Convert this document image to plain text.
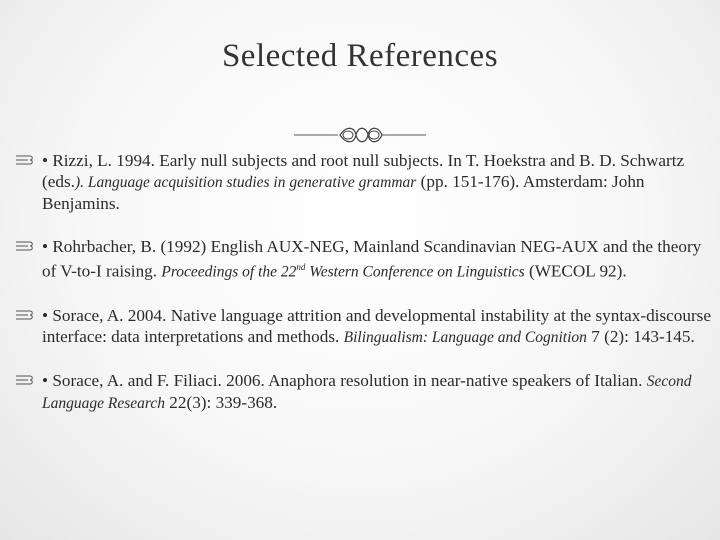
Selected References
• Rizzi, L. 1994. Early null subjects and root null subjects. In T. Hoekstra and B. D. Schwartz (eds.). Language acquisition studies in generative grammar (pp. 151-176). Amsterdam: John Benjamins.
• Rohrbacher, B. (1992) English AUX-NEG, Mainland Scandinavian NEG-AUX and the theory of V-to-I raising. Proceedings of the 22nd Western Conference on Linguistics (WECOL 92).
• Sorace, A. 2004. Native language attrition and developmental instability at the syntax-discourse interface: data interpretations and methods. Bilingualism: Language and Cognition 7 (2): 143-145.
• Sorace, A. and F. Filiaci. 2006. Anaphora resolution in near-native speakers of Italian. Second Language Research 22(3): 339-368.
